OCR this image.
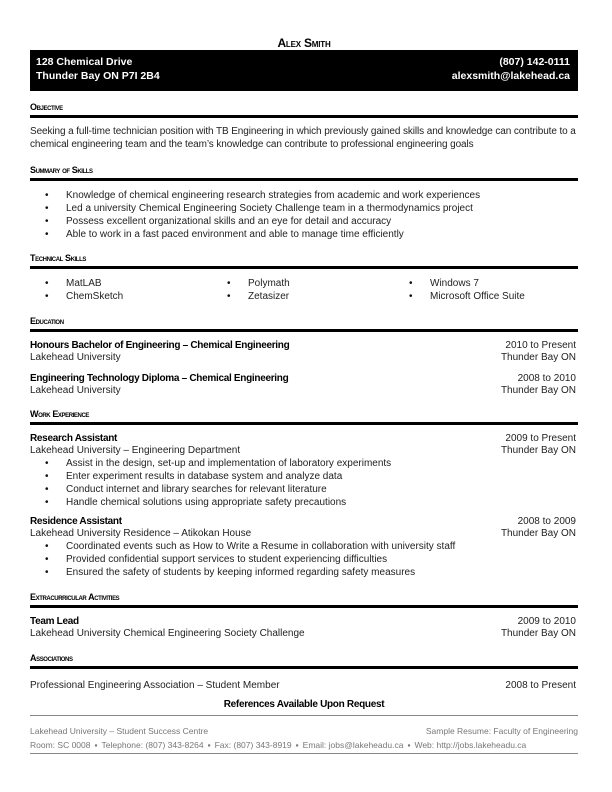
Alex Smith
128 Chemical Drive
Thunder Bay ON P7I 2B4
(807) 142-0111
alexsmith@lakehead.ca
Objective
Seeking a full-time technician position with TB Engineering in which previously gained skills and knowledge can contribute to a chemical engineering team and the team’s knowledge can contribute to professional engineering goals
Summary of Skills
• Knowledge of chemical engineering research strategies from academic and work experiences
• Led a university Chemical Engineering Society Challenge team in a thermodynamics project
• Possess excellent organizational skills and an eye for detail and accuracy
• Able to work in a fast paced environment and able to manage time efficiently
Technical Skills
• MatLAB
• ChemSketch
• Polymath
• Zetasizer
• Windows 7
• Microsoft Office Suite
Education
Honours Bachelor of Engineering – Chemical Engineering
Lakehead University
2010 to Present
Thunder Bay ON
Engineering Technology Diploma – Chemical Engineering
Lakehead University
2008 to 2010
Thunder Bay ON
Work Experience
Research Assistant
Lakehead University – Engineering Department
2009 to Present
Thunder Bay ON
• Assist in the design, set-up and implementation of laboratory experiments
• Enter experiment results in database system and analyze data
• Conduct internet and library searches for relevant literature
• Handle chemical solutions using appropriate safety precautions
Residence Assistant
Lakehead University Residence – Atikokan House
2008 to 2009
Thunder Bay ON
• Coordinated events such as How to Write a Resume in collaboration with university staff
• Provided confidential support services to student experiencing difficulties
• Ensured the safety of students by keeping informed regarding safety measures
Extracurricular Activities
Team Lead
Lakehead University Chemical Engineering Society Challenge
2009 to 2010
Thunder Bay ON
Associations
Professional Engineering Association – Student Member	2008 to Present
References Available Upon Request
Lakehead University – Student Success Centre	Sample Resume: Faculty of Engineering
Room: SC 0008 ▪ Telephone: (807) 343-8264 ▪ Fax: (807) 343-8919 ▪ Email: jobs@lakeheadu.ca ▪ Web: http://jobs.lakeheadu.ca
